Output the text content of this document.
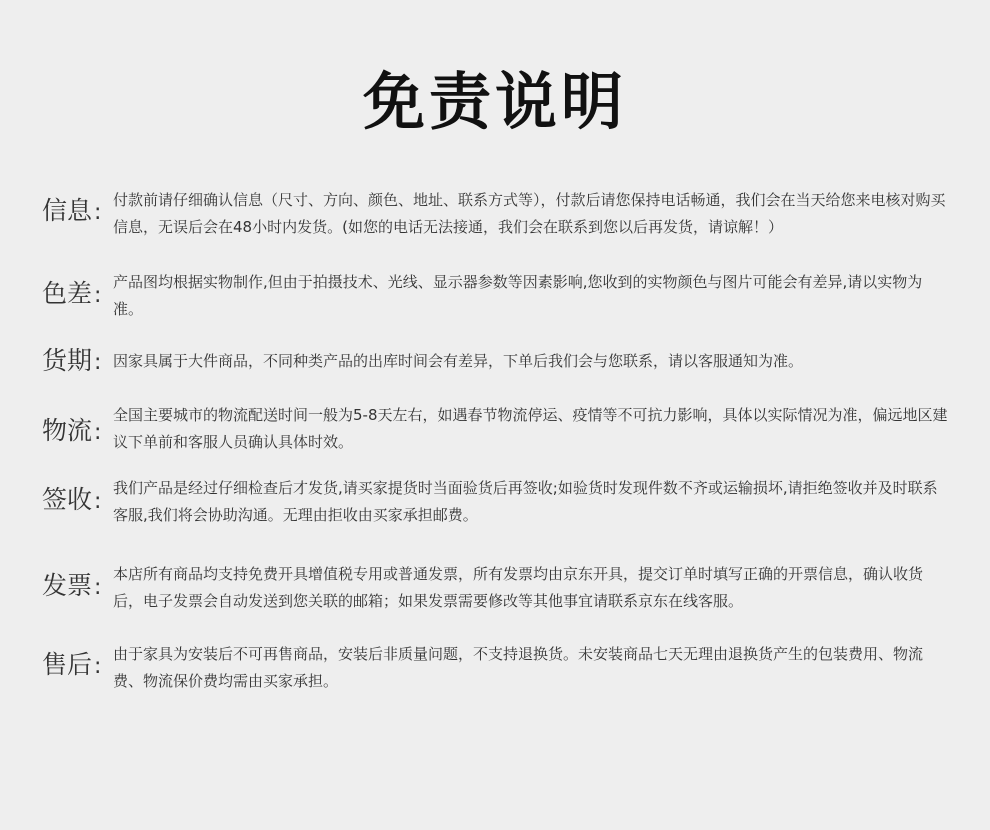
免责说明
信息: 付款前请仔细确认信息（尺寸、方向、颜色、地址、联系方式等），付款后请您保持电话畅通，我们会在当天给您来电核对购买信息，无误后会在48小时内发货。(如您的电话无法接通，我们会在联系到您以后再发货，请谅解！）
色差:
产品图均根据实物制作,但由于拍摄技术、光线、显示器参数等因素影响,您收到的实物颜色与图片可能会有差异,请以实物为准。
货期: 因家具属于大件商品，不同种类产品的出库时间会有差异，下单后我们会与您联系，请以客服通知为准。
物流:
全国主要城市的物流配送时间一般为5-8天左右，如遇春节物流停运、疫情等不可抗力影响，具体以实际情况为准，偏远地区建议下单前和客服人员确认具体时效。
签收:
我们产品是经过仔细检查后才发货,请买家提货时当面验货后再签收;如验货时发现件数不齐或运输损坏,请拒绝签收并及时联系客服,我们将会协助沟通。无理由拒收由买家承担邮费。
发票:
本店所有商品均支持免费开具增值税专用或普通发票，所有发票均由京东开具，提交订单时填写正确的开票信息，确认收货后，电子发票会自动发送到您关联的邮箱；如果发票需要修改等其他事宜请联系京东在线客服。
售后: 由于家具为安装后不可再售商品，安装后非质量问题，不支持退换货。未安装商品七天无理由退换货产生的包装费用、物流费、物流保价费均需由买家承担。
